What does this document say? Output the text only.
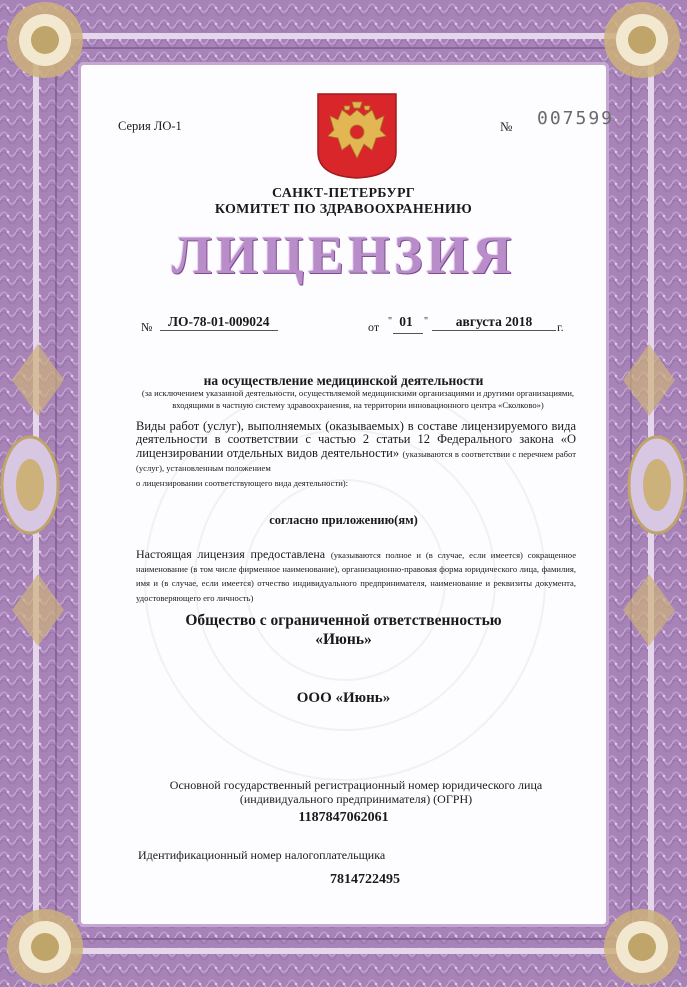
Серия ЛО-1	№ 007599
САНКТ-ПЕТЕРБУРГ
КОМИТЕТ ПО ЗДРАВООХРАНЕНИЮ
ЛИЦЕНЗИЯ
№	ЛО-78-01-009024	от " 01	"	августа 2018	г.
на осуществление медицинской деятельности
(за исключением указанной деятельности, осуществляемой медицинскими организациями и другими организациями, входящими в частную систему здравоохранения, на территории инновационного центра «Сколково»)
Виды работ (услуг), выполняемых (оказываемых) в составе лицензируемого вида деятельности в соответствии с частью 2 статьи 12 Федерального закона «О лицензировании отдельных видов деятельности» (указываются в соответствии с перечнем работ (услуг), установленным положением
о лицензировании соответствующего вида деятельности):
согласно приложению(ям)
Настоящая лицензия предоставлена (указываются полное и (в случае, если имеется) сокращенное наименование (в том числе фирменное наименование), организационно-правовая форма юридического лица, фамилия, имя и (в случае, если имеется) отчество индивидуального предпринимателя, наименование и реквизиты документа, удостоверяющего его личность)
Общество с ограниченной ответственностью
«Июнь»
ООО «Июнь»
Основной государственный регистрационный номер юридического лица (индивидуального предпринимателя) (ОГРН)
1187847062061
Идентификационный номер налогоплательщика
7814722495
